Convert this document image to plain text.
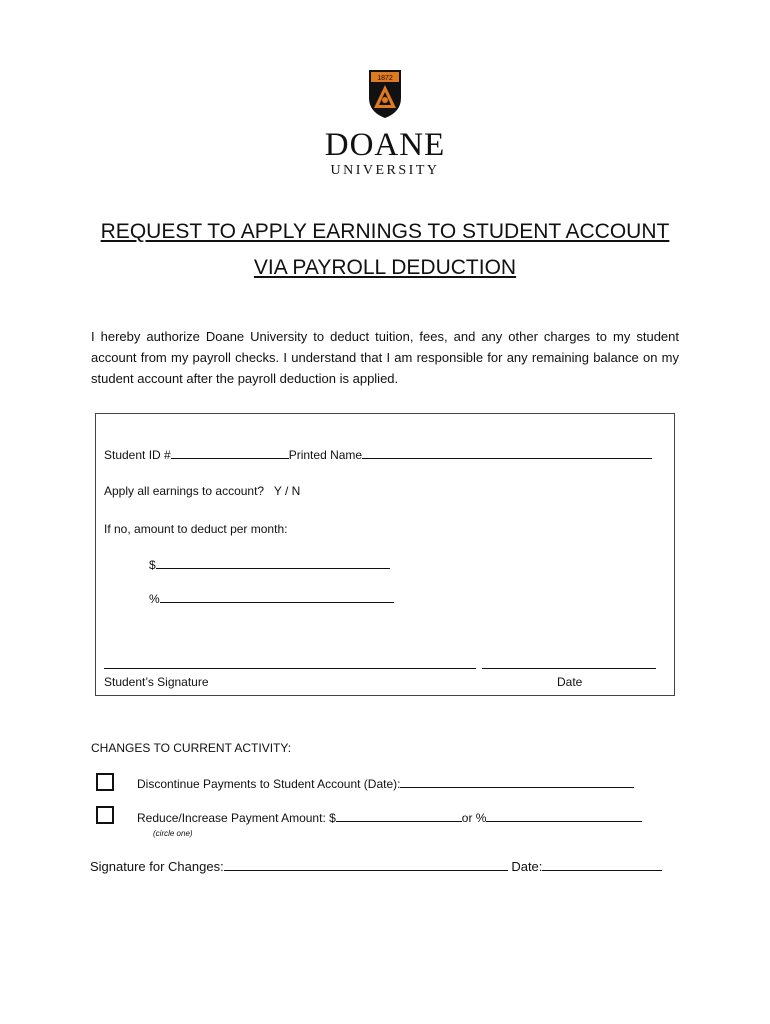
1872
DOANE
UNIVERSITY
REQUEST TO APPLY EARNINGS TO STUDENT ACCOUNT
VIA PAYROLL DEDUCTION
I hereby authorize Doane University to deduct tuition, fees, and any other charges to my student account from my payroll checks. I understand that I am responsible for any remaining balance on my student account after the payroll deduction is applied.
Student ID #	Printed Name
Apply all earnings to account?   Y / N
If no, amount to deduct per month:
$
%
Student’s Signature	Date
CHANGES TO CURRENT ACTIVITY:
Discontinue Payments to Student Account (Date):
Reduce/Increase Payment Amount: $	or %
(circle one)
Signature for Changes:	Date:
